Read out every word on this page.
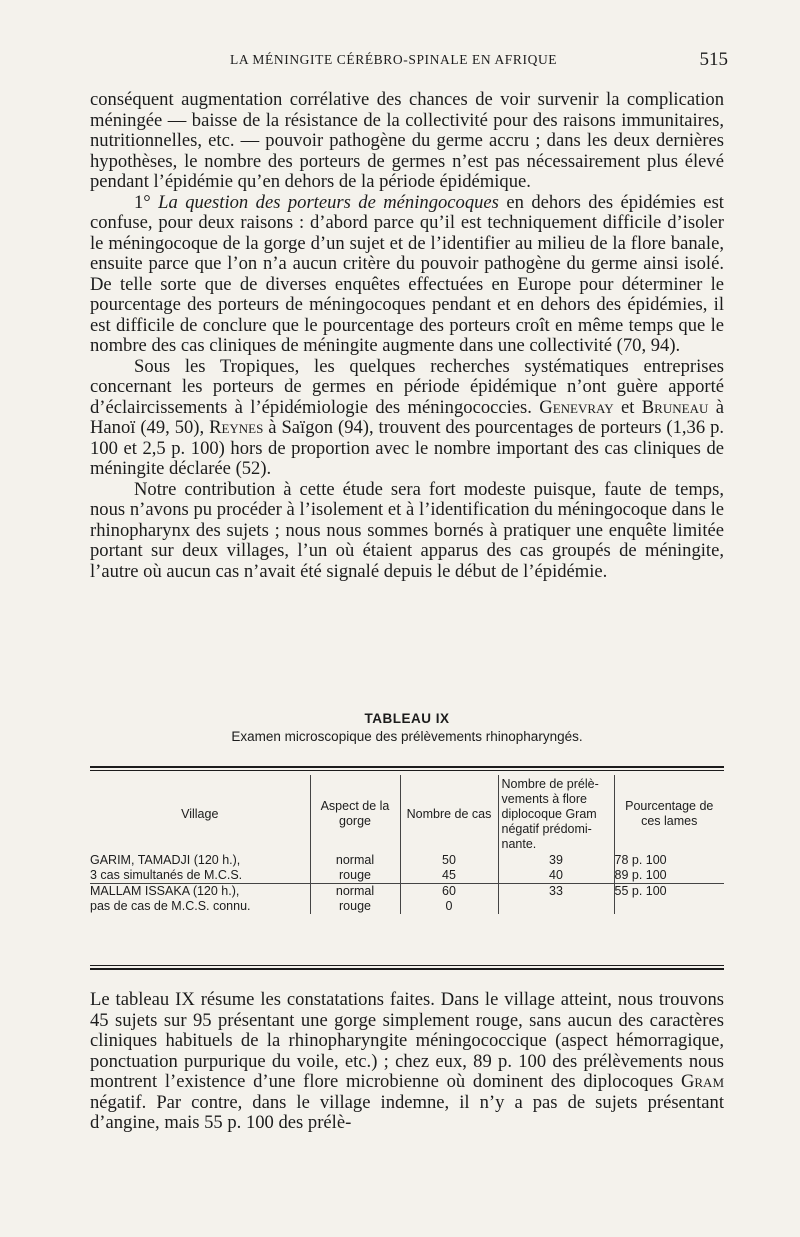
LA MÉNINGITE CÉRÉBRO-SPINALE EN AFRIQUE	515

conséquent augmentation corrélative des chances de voir survenir la complication méningée — baisse de la résistance de la collectivité pour des raisons immunitaires, nutritionnelles, etc. — pouvoir pathogène du germe accru ; dans les deux dernières hypothèses, le nombre des porteurs de germes n’est pas nécessairement plus élevé pendant l’épidémie qu’en dehors de la période épidémique.

1° La question des porteurs de méningocoques en dehors des épidémies est confuse, pour deux raisons : d’abord parce qu’il est techniquement difficile d’isoler le méningocoque de la gorge d’un sujet et de l’identifier au milieu de la flore banale, ensuite parce que l’on n’a aucun critère du pouvoir pathogène du germe ainsi isolé. De telle sorte que de diverses enquêtes effectuées en Europe pour déterminer le pourcentage des porteurs de méningocoques pendant et en dehors des épidémies, il est difficile de conclure que le pourcentage des porteurs croît en même temps que le nombre des cas cliniques de méningite augmente dans une collectivité (70, 94).

Sous les Tropiques, les quelques recherches systématiques entreprises concernant les porteurs de germes en période épidémique n’ont guère apporté d’éclaircissements à l’épidémiologie des méningococcies. Genevray et Bruneau à Hanoï (49, 50), Reynes à Saïgon (94), trouvent des pourcentages de porteurs (1,36 p. 100 et 2,5 p. 100) hors de proportion avec le nombre important des cas cliniques de méningite déclarée (52).

Notre contribution à cette étude sera fort modeste puisque, faute de temps, nous n’avons pu procéder à l’isolement et à l’identification du méningocoque dans le rhinopharynx des sujets ; nous nous sommes bornés à pratiquer une enquête limitée portant sur deux villages, l’un où étaient apparus des cas groupés de méningite, l’autre où aucun cas n’avait été signalé depuis le début de l’épidémie.

TABLEAU IX
Examen microscopique des prélèvements rhinopharyngés.
Village	Aspect de la gorge	Nombre de cas	Nombre de prélèvements à flore diplocoque Gram négatif prédominante.	Pourcentage de ces lames
GARIM, TAMADJI (120 h.),	normal	50	39	78 p. 100
3 cas simultanés de M.C.S.	rouge	45	40	89 p. 100
MALLAM ISSAKA (120 h.),	normal	60	33	55 p. 100
pas de cas de M.C.S. connu.	rouge	0		

Le tableau IX résume les constatations faites. Dans le village atteint, nous trouvons 45 sujets sur 95 présentant une gorge simplement rouge, sans aucun des caractères cliniques habituels de la rhinopharyngite méningococcique (aspect hémorragique, ponctuation purpurique du voile, etc.) ; chez eux, 89 p. 100 des prélèvements nous montrent l’existence d’une flore microbienne où dominent des diplocoques Gram négatif. Par contre, dans le village indemne, il n’y a pas de sujets présentant d’angine, mais 55 p. 100 des prélè-
